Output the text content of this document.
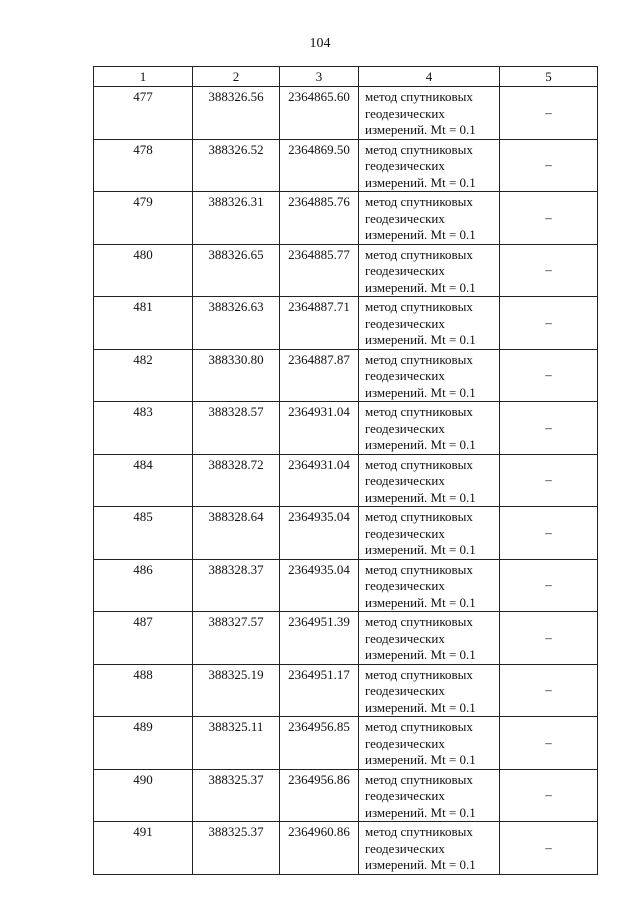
104
1	2	3	4	5
477	388326.56	2364865.60	метод спутниковых
геодезических
измерений. Mt = 0.1	–
478	388326.52	2364869.50	метод спутниковых
геодезических
измерений. Mt = 0.1	–
479	388326.31	2364885.76	метод спутниковых
геодезических
измерений. Mt = 0.1	–
480	388326.65	2364885.77	метод спутниковых
геодезических
измерений. Mt = 0.1	–
481	388326.63	2364887.71	метод спутниковых
геодезических
измерений. Mt = 0.1	–
482	388330.80	2364887.87	метод спутниковых
геодезических
измерений. Mt = 0.1	–
483	388328.57	2364931.04	метод спутниковых
геодезических
измерений. Mt = 0.1	–
484	388328.72	2364931.04	метод спутниковых
геодезических
измерений. Mt = 0.1	–
485	388328.64	2364935.04	метод спутниковых
геодезических
измерений. Mt = 0.1	–
486	388328.37	2364935.04	метод спутниковых
геодезических
измерений. Mt = 0.1	–
487	388327.57	2364951.39	метод спутниковых
геодезических
измерений. Mt = 0.1	–
488	388325.19	2364951.17	метод спутниковых
геодезических
измерений. Mt = 0.1	–
489	388325.11	2364956.85	метод спутниковых
геодезических
измерений. Mt = 0.1	–
490	388325.37	2364956.86	метод спутниковых
геодезических
измерений. Mt = 0.1	–
491	388325.37	2364960.86	метод спутниковых
геодезических
измерений. Mt = 0.1	–
